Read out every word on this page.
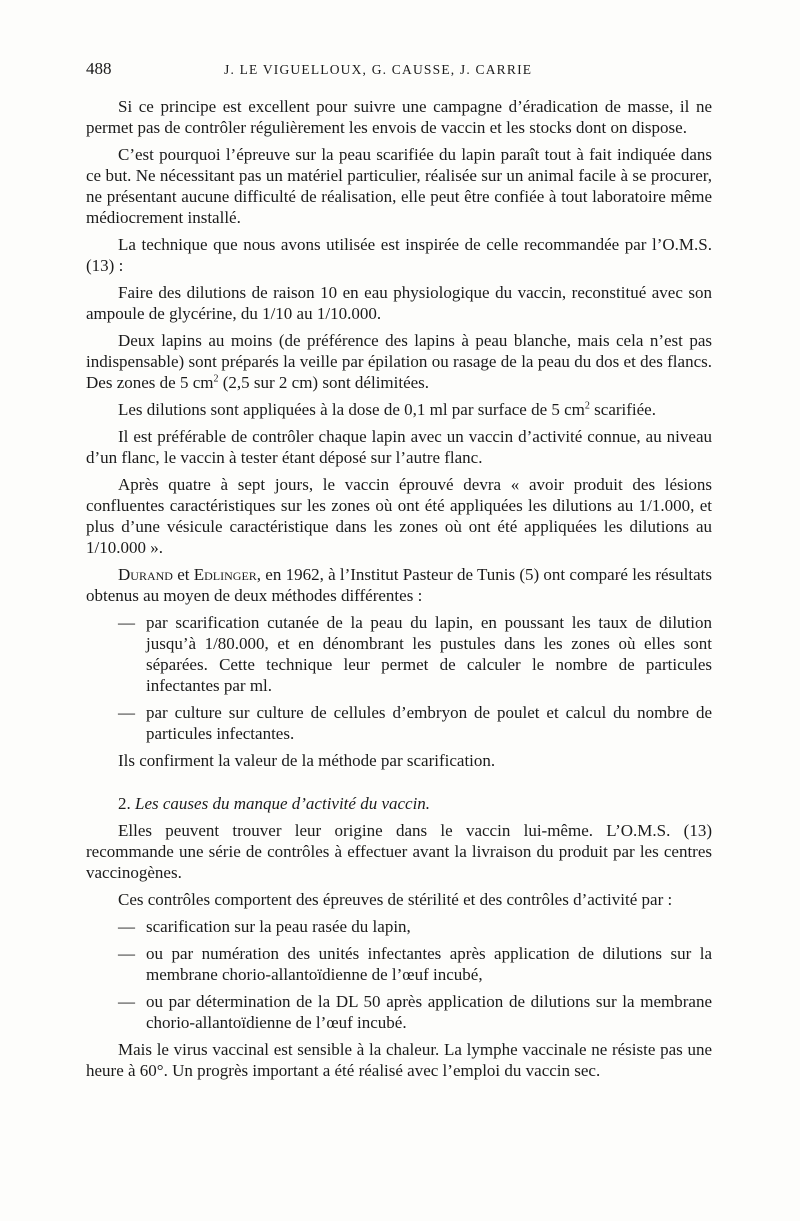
488	J. LE VIGUELLOUX, G. CAUSSE, J. CARRIE

Si ce principe est excellent pour suivre une campagne d’éradication de masse, il ne permet pas de contrôler régulièrement les envois de vaccin et les stocks dont on dispose.

C’est pourquoi l’épreuve sur la peau scarifiée du lapin paraît tout à fait indiquée dans ce but. Ne nécessitant pas un matériel particulier, réalisée sur un animal facile à se procurer, ne présentant aucune difficulté de réalisation, elle peut être confiée à tout laboratoire même médiocrement installé.

La technique que nous avons utilisée est inspirée de celle recommandée par l’O.M.S. (13) :

Faire des dilutions de raison 10 en eau physiologique du vaccin, reconstitué avec son ampoule de glycérine, du 1/10 au 1/10.000.

Deux lapins au moins (de préférence des lapins à peau blanche, mais cela n’est pas indispensable) sont préparés la veille par épilation ou rasage de la peau du dos et des flancs. Des zones de 5 $cm^2$ (2,5 sur 2 cm) sont délimitées.

Les dilutions sont appliquées à la dose de 0,1 ml par surface de 5 $cm^2$ scarifiée.

Il est préférable de contrôler chaque lapin avec un vaccin d’activité connue, au niveau d’un flanc, le vaccin à tester étant déposé sur l’autre flanc.

Après quatre à sept jours, le vaccin éprouvé devra « avoir produit des lésions confluentes caractéristiques sur les zones où ont été appliquées les dilutions au 1/1.000, et plus d’une vésicule caractéristique dans les zones où ont été appliquées les dilutions au 1/10.000 ».

Durand et Edlinger, en 1962, à l’Institut Pasteur de Tunis (5) ont comparé les résultats obtenus au moyen de deux méthodes différentes :

— par scarification cutanée de la peau du lapin, en poussant les taux de dilution jusqu’à 1/80.000, et en dénombrant les pustules dans les zones où elles sont séparées. Cette technique leur permet de calculer le nombre de particules infectantes par ml.
— par culture sur culture de cellules d’embryon de poulet et calcul du nombre de particules infectantes.

Ils confirment la valeur de la méthode par scarification.

2. Les causes du manque d’activité du vaccin.

Elles peuvent trouver leur origine dans le vaccin lui-même. L’O.M.S. (13) recommande une série de contrôles à effectuer avant la livraison du produit par les centres vaccinogènes.

Ces contrôles comportent des épreuves de stérilité et des contrôles d’activité par :

— scarification sur la peau rasée du lapin,
— ou par numération des unités infectantes après application de dilutions sur la membrane chorio-allantoïdienne de l’œuf incubé,
— ou par détermination de la DL 50 après application de dilutions sur la membrane chorio-allantoïdienne de l’œuf incubé.

Mais le virus vaccinal est sensible à la chaleur. La lymphe vaccinale ne résiste pas une heure à 60°. Un progrès important a été réalisé avec l’emploi du vaccin sec.
